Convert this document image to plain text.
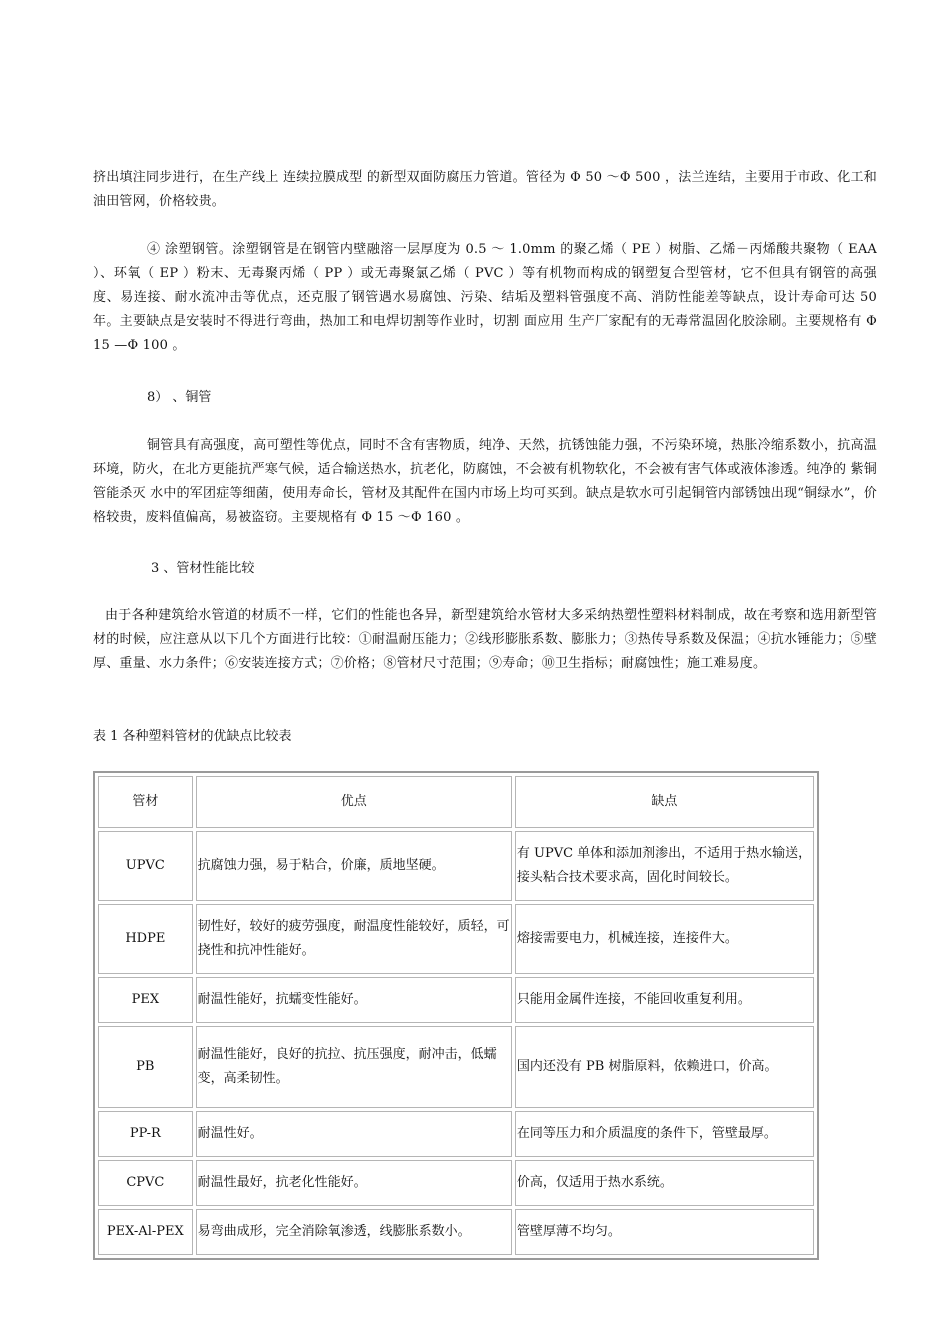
挤出填注同步进行，在生产线上 连续拉膜成型 的新型双面防腐压力管道。管径为 Φ 50 ～Φ 500 ，法兰连结，主要用于市政、化工和油田管网，价格较贵。

④ 涂塑钢管。涂塑钢管是在钢管内壁融溶一层厚度为 0.5 ～ 1.0mm 的聚乙烯（ PE ）树脂、乙烯－丙烯酸共聚物（ EAA ）、环氧（ EP ）粉末、无毒聚丙烯（ PP ）或无毒聚氯乙烯（ PVC ）等有机物而构成的钢塑复合型管材，它不但具有钢管的高强度、易连接、耐水流冲击等优点，还克服了钢管遇水易腐蚀、污染、结垢及塑料管强度不高、消防性能差等缺点，设计寿命可达 50 年。主要缺点是安装时不得进行弯曲，热加工和电焊切割等作业时，切割 面应用 生产厂家配有的无毒常温固化胶涂刷。主要规格有 Φ 15 —Φ 100 。

8） 、铜管

铜管具有高强度，高可塑性等优点，同时不含有害物质，纯净、天然，抗锈蚀能力强，不污染环境，热胀冷缩系数小，抗高温环境，防火，在北方更能抗严寒气候，适合输送热水，抗老化，防腐蚀，不会被有机物软化，不会被有害气体或液体渗透。纯净的 紫铜管能杀灭 水中的军团症等细菌，使用寿命长，管材及其配件在国内市场上均可买到。缺点是软水可引起铜管内部锈蚀出现“铜绿水”，价格较贵，废料值偏高，易被盗窃。主要规格有 Φ 15 ～Φ 160 。

3 、管材性能比较

由于各种建筑给水管道的材质不一样，它们的性能也各异，新型建筑给水管材大多采纳热塑性塑料材料制成，故在考察和选用新型管材的时候，应注意从以下几个方面进行比较：①耐温耐压能力；②线形膨胀系数、膨胀力；③热传导系数及保温；④抗水锤能力；⑤壁厚、重量、水力条件；⑥安装连接方式；⑦价格；⑧管材尺寸范围；⑨寿命；⑩卫生指标；耐腐蚀性；施工难易度。

表 1 各种塑料管材的优缺点比较表

管材	优点	缺点
UPVC	抗腐蚀力强，易于粘合，价廉，质地坚硬。	有 UPVC 单体和添加剂渗出，不适用于热水输送，接头粘合技术要求高，固化时间较长。
HDPE	韧性好，较好的疲劳强度，耐温度性能较好，质轻，可挠性和抗冲性能好。	熔接需要电力，机械连接，连接件大。
PEX	耐温性能好，抗蠕变性能好。	只能用金属件连接，不能回收重复利用。
PB	耐温性能好，良好的抗拉、抗压强度，耐冲击，低蠕变，高柔韧性。	国内还没有 PB 树脂原料，依赖进口，价高。
PP-R	耐温性好。	在同等压力和介质温度的条件下，管壁最厚。
CPVC	耐温性最好，抗老化性能好。	价高，仅适用于热水系统。
PEX-Al-PEX	易弯曲成形，完全消除氧渗透，线膨胀系数小。	管壁厚薄不均匀。
